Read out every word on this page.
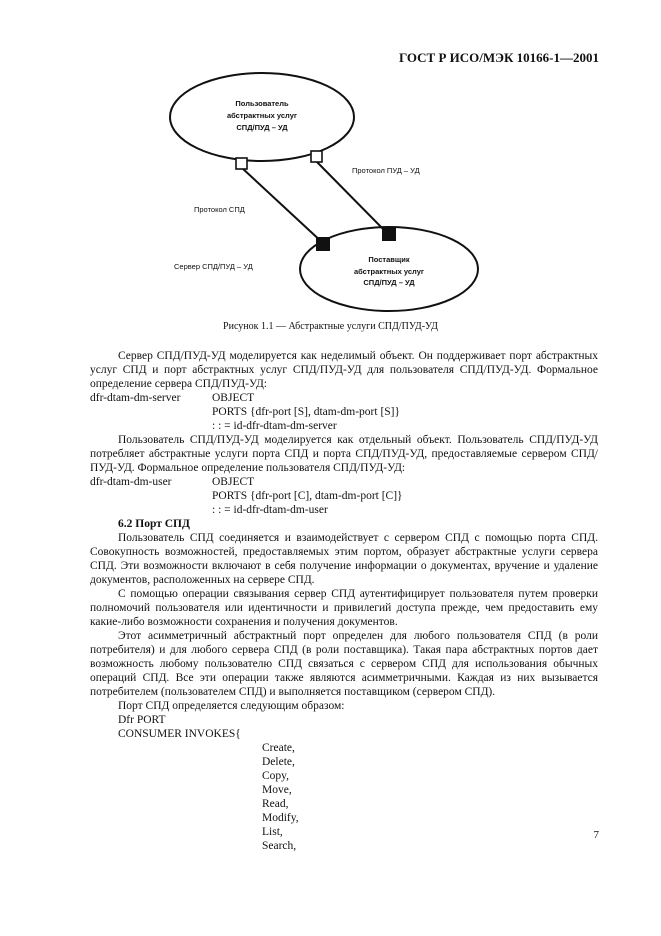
ГОСТ Р ИСО/МЭК 10166-1—2001
Пользователь
абстрактных услуг
СПД/ПУД – УД
Поставщик
абстрактных услуг
СПД/ПУД – УД
Протокол ПУД – УД
Протокол СПД
Сервер СПД/ПУД – УД
Рисунок 1.1 — Абстрактные услуги СПД/ПУД-УД

Сервер СПД/ПУД-УД моделируется как неделимый объект. Он поддерживает порт абстрактных услуг СПД и порт абстрактных услуг СПД/ПУД-УД для пользователя СПД/ПУД-УД. Формальное определение сервера СПД/ПУД-УД:

dfr-dtam-dm-server	OBJECT

PORTS {dfr-port [S], dtam-dm-port [S]}

: : = id-dfr-dtam-dm-server

Пользователь СПД/ПУД-УД моделируется как отдельный объект. Пользователь СПД/ПУД-УД потребляет абстрактные услуги порта СПД и порта СПД/ПУД-УД, предоставляемые сервером СПД/ПУД-УД. Формальное определение пользователя СПД/ПУД-УД:

dfr-dtam-dm-user	OBJECT

PORTS {dfr-port [C], dtam-dm-port [C]}

: : = id-dfr-dtam-dm-user

6.2 Порт СПД

Пользователь СПД соединяется и взаимодействует с сервером СПД с помощью порта СПД. Совокупность возможностей, предоставляемых этим портом, образует абстрактные услуги сервера СПД. Эти возможности включают в себя получение информации о документах, вручение и удаление документов, расположенных на сервере СПД.

С помощью операции связывания сервер СПД аутентифицирует пользователя путем проверки полномочий пользователя или идентичности и привилегий доступа прежде, чем предоставить ему какие-либо возможности сохранения и получения документов.

Этот асимметричный абстрактный порт определен для любого пользователя СПД (в роли потребителя) и для любого сервера СПД (в роли поставщика). Такая пара абстрактных портов дает возможность любому пользователю СПД связаться с сервером СПД для использования обычных операций СПД. Все эти операции также являются асимметричными. Каждая из них вызывается потребителем (пользователем СПД) и выполняется поставщиком (сервером СПД).

Порт СПД определяется следующим образом:

Dfr PORT

CONSUMER INVOKES{

Create,

Delete,

Copy,

Move,

Read,

Modify,

List,

Search,

7
